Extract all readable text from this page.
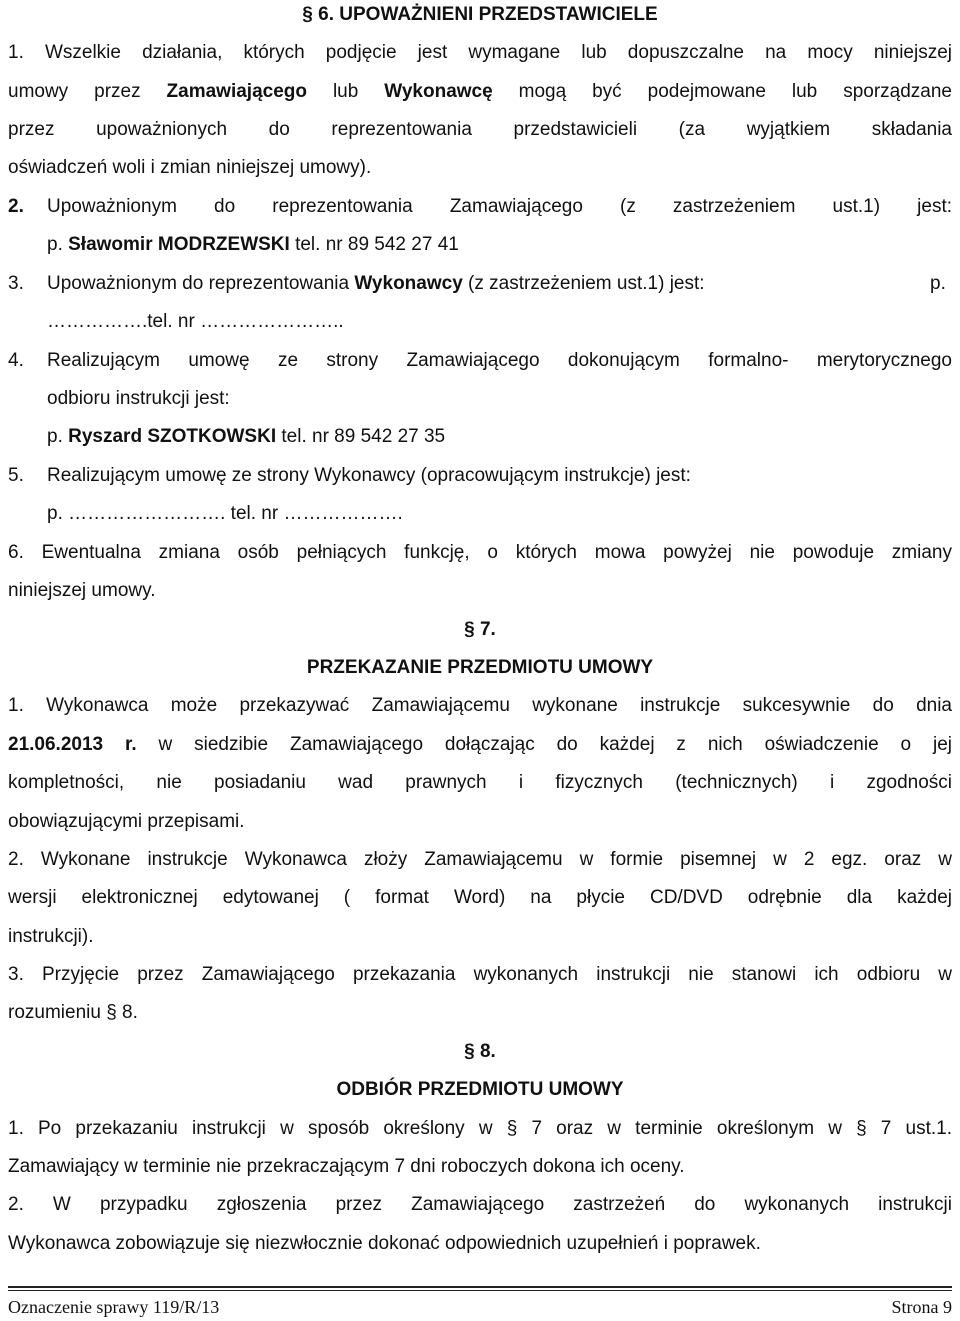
§ 6. UPOWAŻNIENI PRZEDSTAWICIELE
1. Wszelkie działania, których podjęcie jest wymagane lub dopuszczalne na mocy niniejszej
umowy przez Zamawiającego lub Wykonawcę mogą być podejmowane lub sporządzane
przez upoważnionych do reprezentowania przedstawicieli (za wyjątkiem składania
oświadczeń woli i zmian niniejszej umowy).
2.	Upoważnionym do reprezentowania Zamawiającego (z zastrzeżeniem ust.1) jest:
p. Sławomir MODRZEWSKI tel. nr 89 542 27 41
3.	Upoważnionym do reprezentowania Wykonawcy (z zastrzeżeniem ust.1) jest:	p.
…………….tel. nr …………………..
4.	Realizującym umowę ze strony Zamawiającego dokonującym formalno- merytorycznego
odbioru instrukcji jest:
p. Ryszard SZOTKOWSKI tel. nr 89 542 27 35
5.	Realizującym umowę ze strony Wykonawcy (opracowującym instrukcje) jest:
p. ……………………. tel. nr ……………….
6. Ewentualna zmiana osób pełniących funkcję, o których mowa powyżej nie powoduje zmiany
niniejszej umowy.
§ 7.
PRZEKAZANIE PRZEDMIOTU UMOWY
1. Wykonawca może przekazywać Zamawiającemu wykonane instrukcje sukcesywnie do dnia
21.06.2013 r. w siedzibie Zamawiającego dołączając do każdej z nich oświadczenie o jej
kompletności, nie posiadaniu wad prawnych i fizycznych (technicznych) i zgodności
obowiązującymi przepisami.
2. Wykonane instrukcje Wykonawca złoży Zamawiającemu w formie pisemnej w 2 egz. oraz w
wersji elektronicznej edytowanej ( format Word) na płycie CD/DVD odrębnie dla każdej
instrukcji).
3. Przyjęcie przez Zamawiającego przekazania wykonanych instrukcji nie stanowi ich odbioru w
rozumieniu § 8.
§ 8.
ODBIÓR PRZEDMIOTU UMOWY
1. Po przekazaniu instrukcji w sposób określony w § 7 oraz w terminie określonym w § 7 ust.1.
Zamawiający w terminie nie przekraczającym 7 dni roboczych dokona ich oceny.
2. W przypadku zgłoszenia przez Zamawiającego zastrzeżeń do wykonanych instrukcji
Wykonawca zobowiązuje się niezwłocznie dokonać odpowiednich uzupełnień i poprawek.
Oznaczenie sprawy 119/R/13	Strona 9
